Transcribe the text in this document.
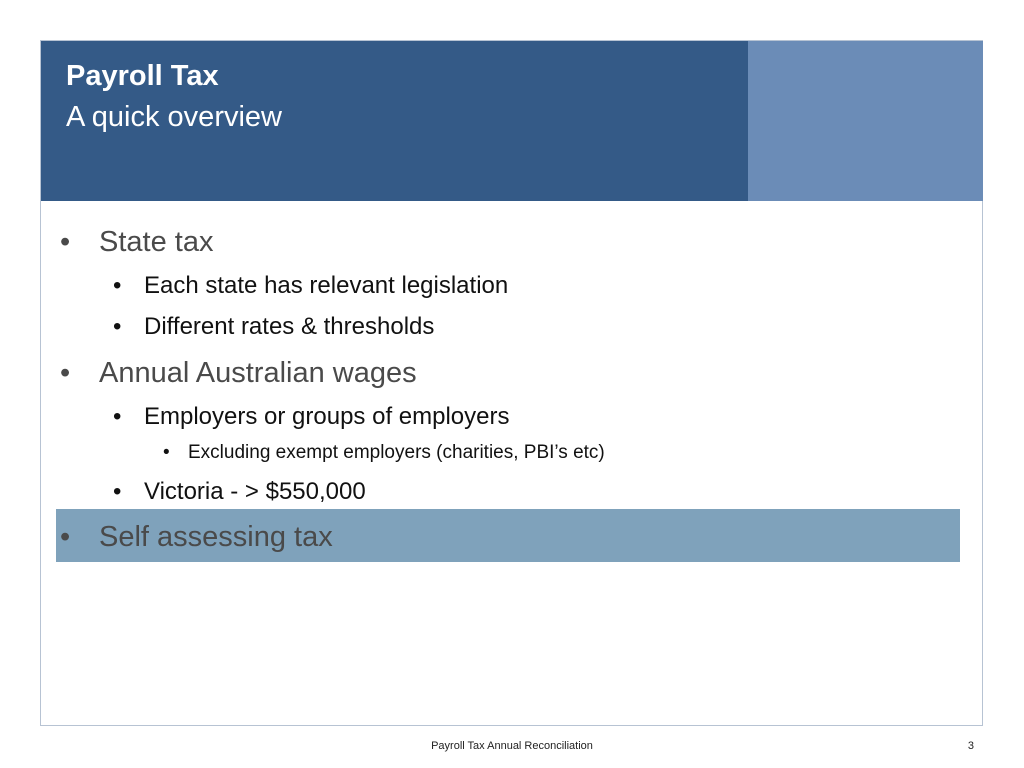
Payroll Tax
A quick overview
• State tax
• Each state has relevant legislation
• Different rates & thresholds
• Annual Australian wages
• Employers or groups of employers
• Excluding exempt employers (charities, PBI’s etc)
• Victoria - > $550,000
• Self assessing tax
Payroll Tax Annual Reconciliation	3
